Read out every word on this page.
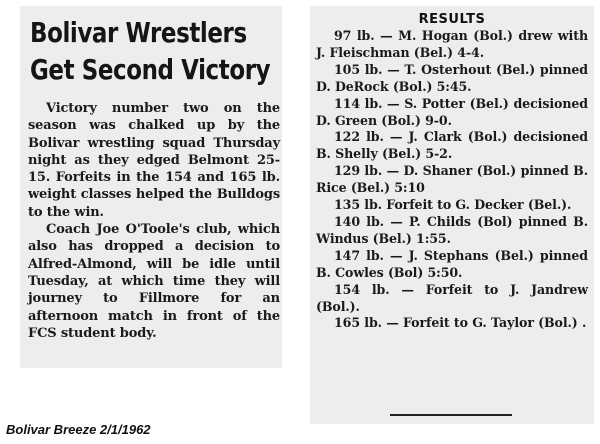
Bolivar Wrestlers
Get Second Victory

Victory number two on the season was chalked up by the Bolivar wrestling squad Thursday night as they edged Belmont 25-15. Forfeits in the 154 and 165 lb. weight classes helped the Bulldogs to the win.

Coach Joe O'Toole's club, which also has dropped a decision to Alfred-Almond, will be idle until Tuesday, at which time they will journey to Fillmore for an afternoon match in front of the FCS student body.

RESULTS
97 lb. — M. Hogan (Bol.) drew with J. Fleischman (Bel.) 4-4.
105 lb. — T. Osterhout (Bel.) pinned D. DeRock (Bol.) 5:45.
114 lb. — S. Potter (Bel.) decisioned D. Green (Bol.) 9-0.
122 lb. — J. Clark (Bol.) decisioned B. Shelly (Bel.) 5-2.
129 lb. — D. Shaner (Bol.) pinned B. Rice (Bel.) 5:10
135 lb. Forfeit to G. Decker (Bel.).
140 lb. — P. Childs (Bol) pinned B. Windus (Bel.) 1:55.
147 lb. — J. Stephans (Bel.) pinned B. Cowles (Bol) 5:50.
154 lb. — Forfeit to J. Jandrew (Bol.).
165 lb. — Forfeit to G. Taylor (Bol.) .
Bolivar Breeze 2/1/1962
